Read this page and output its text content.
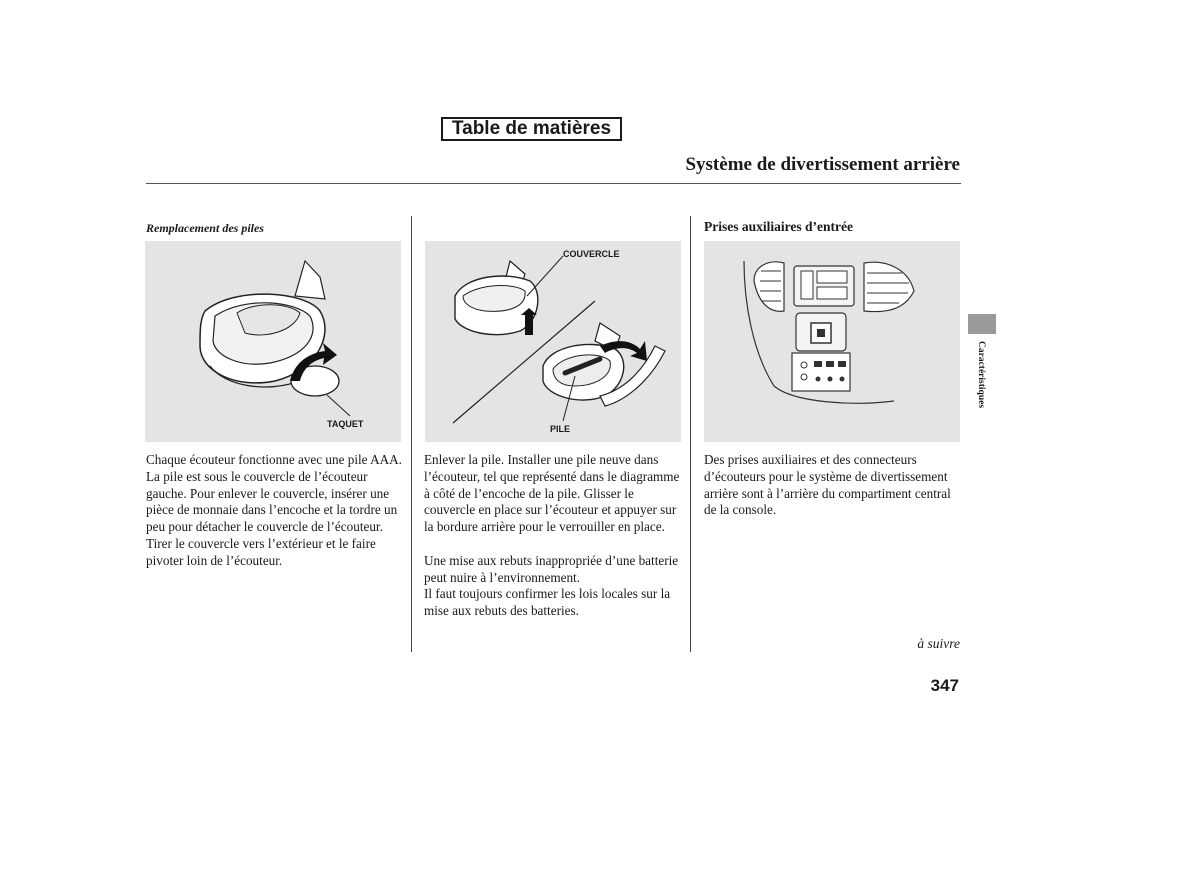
Table de matières
Système de divertissement arrière
Remplacement des piles
TAQUET

Chaque écouteur fonctionne avec une pile AAA. La pile est sous le couvercle de l’écouteur gauche. Pour enlever le couvercle, insérer une pièce de monnaie dans l’encoche et la tordre un peu pour détacher le couvercle de l’écouteur. Tirer le couvercle vers l’extérieur et le faire pivoter loin de l’écouteur.

COUVERCLE
PILE

Enlever la pile. Installer une pile neuve dans l’écouteur, tel que représenté dans le diagramme à côté de l’encoche de la pile. Glisser le couvercle en place sur l’écouteur et appuyer sur la bordure arrière pour le verrouiller en place.

Une mise aux rebuts inappropriée d’une batterie peut nuire à l’environnement.
Il faut toujours confirmer les lois locales sur la mise aux rebuts des batteries.

Prises auxiliaires d’entrée

Des prises auxiliaires et des connecteurs d’écouteurs pour le système de divertissement arrière sont à l’arrière du compartiment central de la console.

à suivre
347
Caractéristiques
